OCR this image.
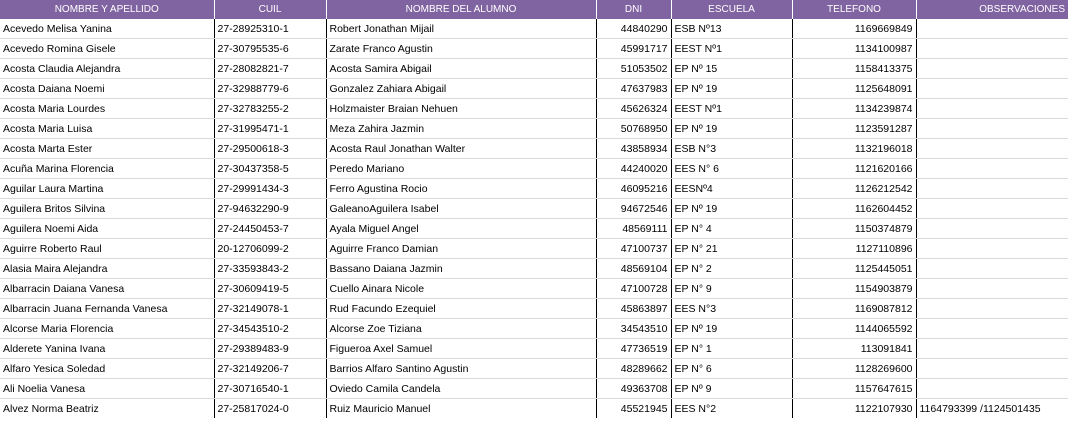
NOMBRE Y APELLIDO	CUIL	NOMBRE DEL ALUMNO	DNI	ESCUELA	TELEFONO	OBSERVACIONES
Acevedo Melisa Yanina	27-28925310-1	Robert Jonathan Mijail	44840290	ESB Nº13	1169669849	
Acevedo Romina Gisele	27-30795535-6	Zarate Franco Agustin	45991717	EEST Nº1	1134100987	
Acosta Claudia Alejandra	27-28082821-7	Acosta Samira Abigail	51053502	EP Nº 15	1158413375	
Acosta Daiana Noemi	27-32988779-6	Gonzalez Zahiara Abigail	47637983	EP Nº 19	1125648091	
Acosta Maria Lourdes	27-32783255-2	Holzmaister Braian Nehuen	45626324	EEST Nº1	1134239874	
Acosta Maria Luisa	27-31995471-1	Meza Zahira Jazmin	50768950	EP Nº 19	1123591287	
Acosta Marta Ester	27-29500618-3	Acosta Raul Jonathan Walter	43858934	ESB N°3	1132196018	
Acuña Marina Florencia	27-30437358-5	Peredo Mariano	44240020	EES N° 6	1121620166	
Aguilar Laura Martina	27-29991434-3	Ferro Agustina Rocio	46095216	EESNº4	1126212542	
Aguilera Britos Silvina	27-94632290-9	GaleanoAguilera Isabel	94672546	EP Nº 19	1162604452	
Aguilera Noemi Aida	27-24450453-7	Ayala Miguel Angel	48569111	EP N° 4	1150374879	
Aguirre Roberto Raul	20-12706099-2	Aguirre Franco Damian	47100737	EP N° 21	1127110896	
Alasia Maira Alejandra	27-33593843-2	Bassano Daiana Jazmin	48569104	EP N° 2	1125445051	
Albarracin Daiana Vanesa	27-30609419-5	Cuello Ainara Nicole	47100728	EP N° 9	1154903879	
Albarracin Juana Fernanda Vanesa	27-32149078-1	Rud Facundo Ezequiel	45863897	EES N°3	1169087812	
Alcorse Maria Florencia	27-34543510-2	Alcorse Zoe Tiziana	34543510	EP Nº 19	1144065592	
Alderete Yanina Ivana	27-29389483-9	Figueroa Axel Samuel	47736519	EP N° 1	113091841	
Alfaro Yesica Soledad	27-32149206-7	Barrios Alfaro Santino Agustin	48289662	EP N° 6	1128269600	
Ali Noelia Vanesa	27-30716540-1	Oviedo Camila Candela	49363708	EP Nº 9	1157647615	
Alvez Norma Beatriz	27-25817024-0	Ruiz Mauricio Manuel	45521945	EES N°2	1122107930	1164793399 /1124501435
